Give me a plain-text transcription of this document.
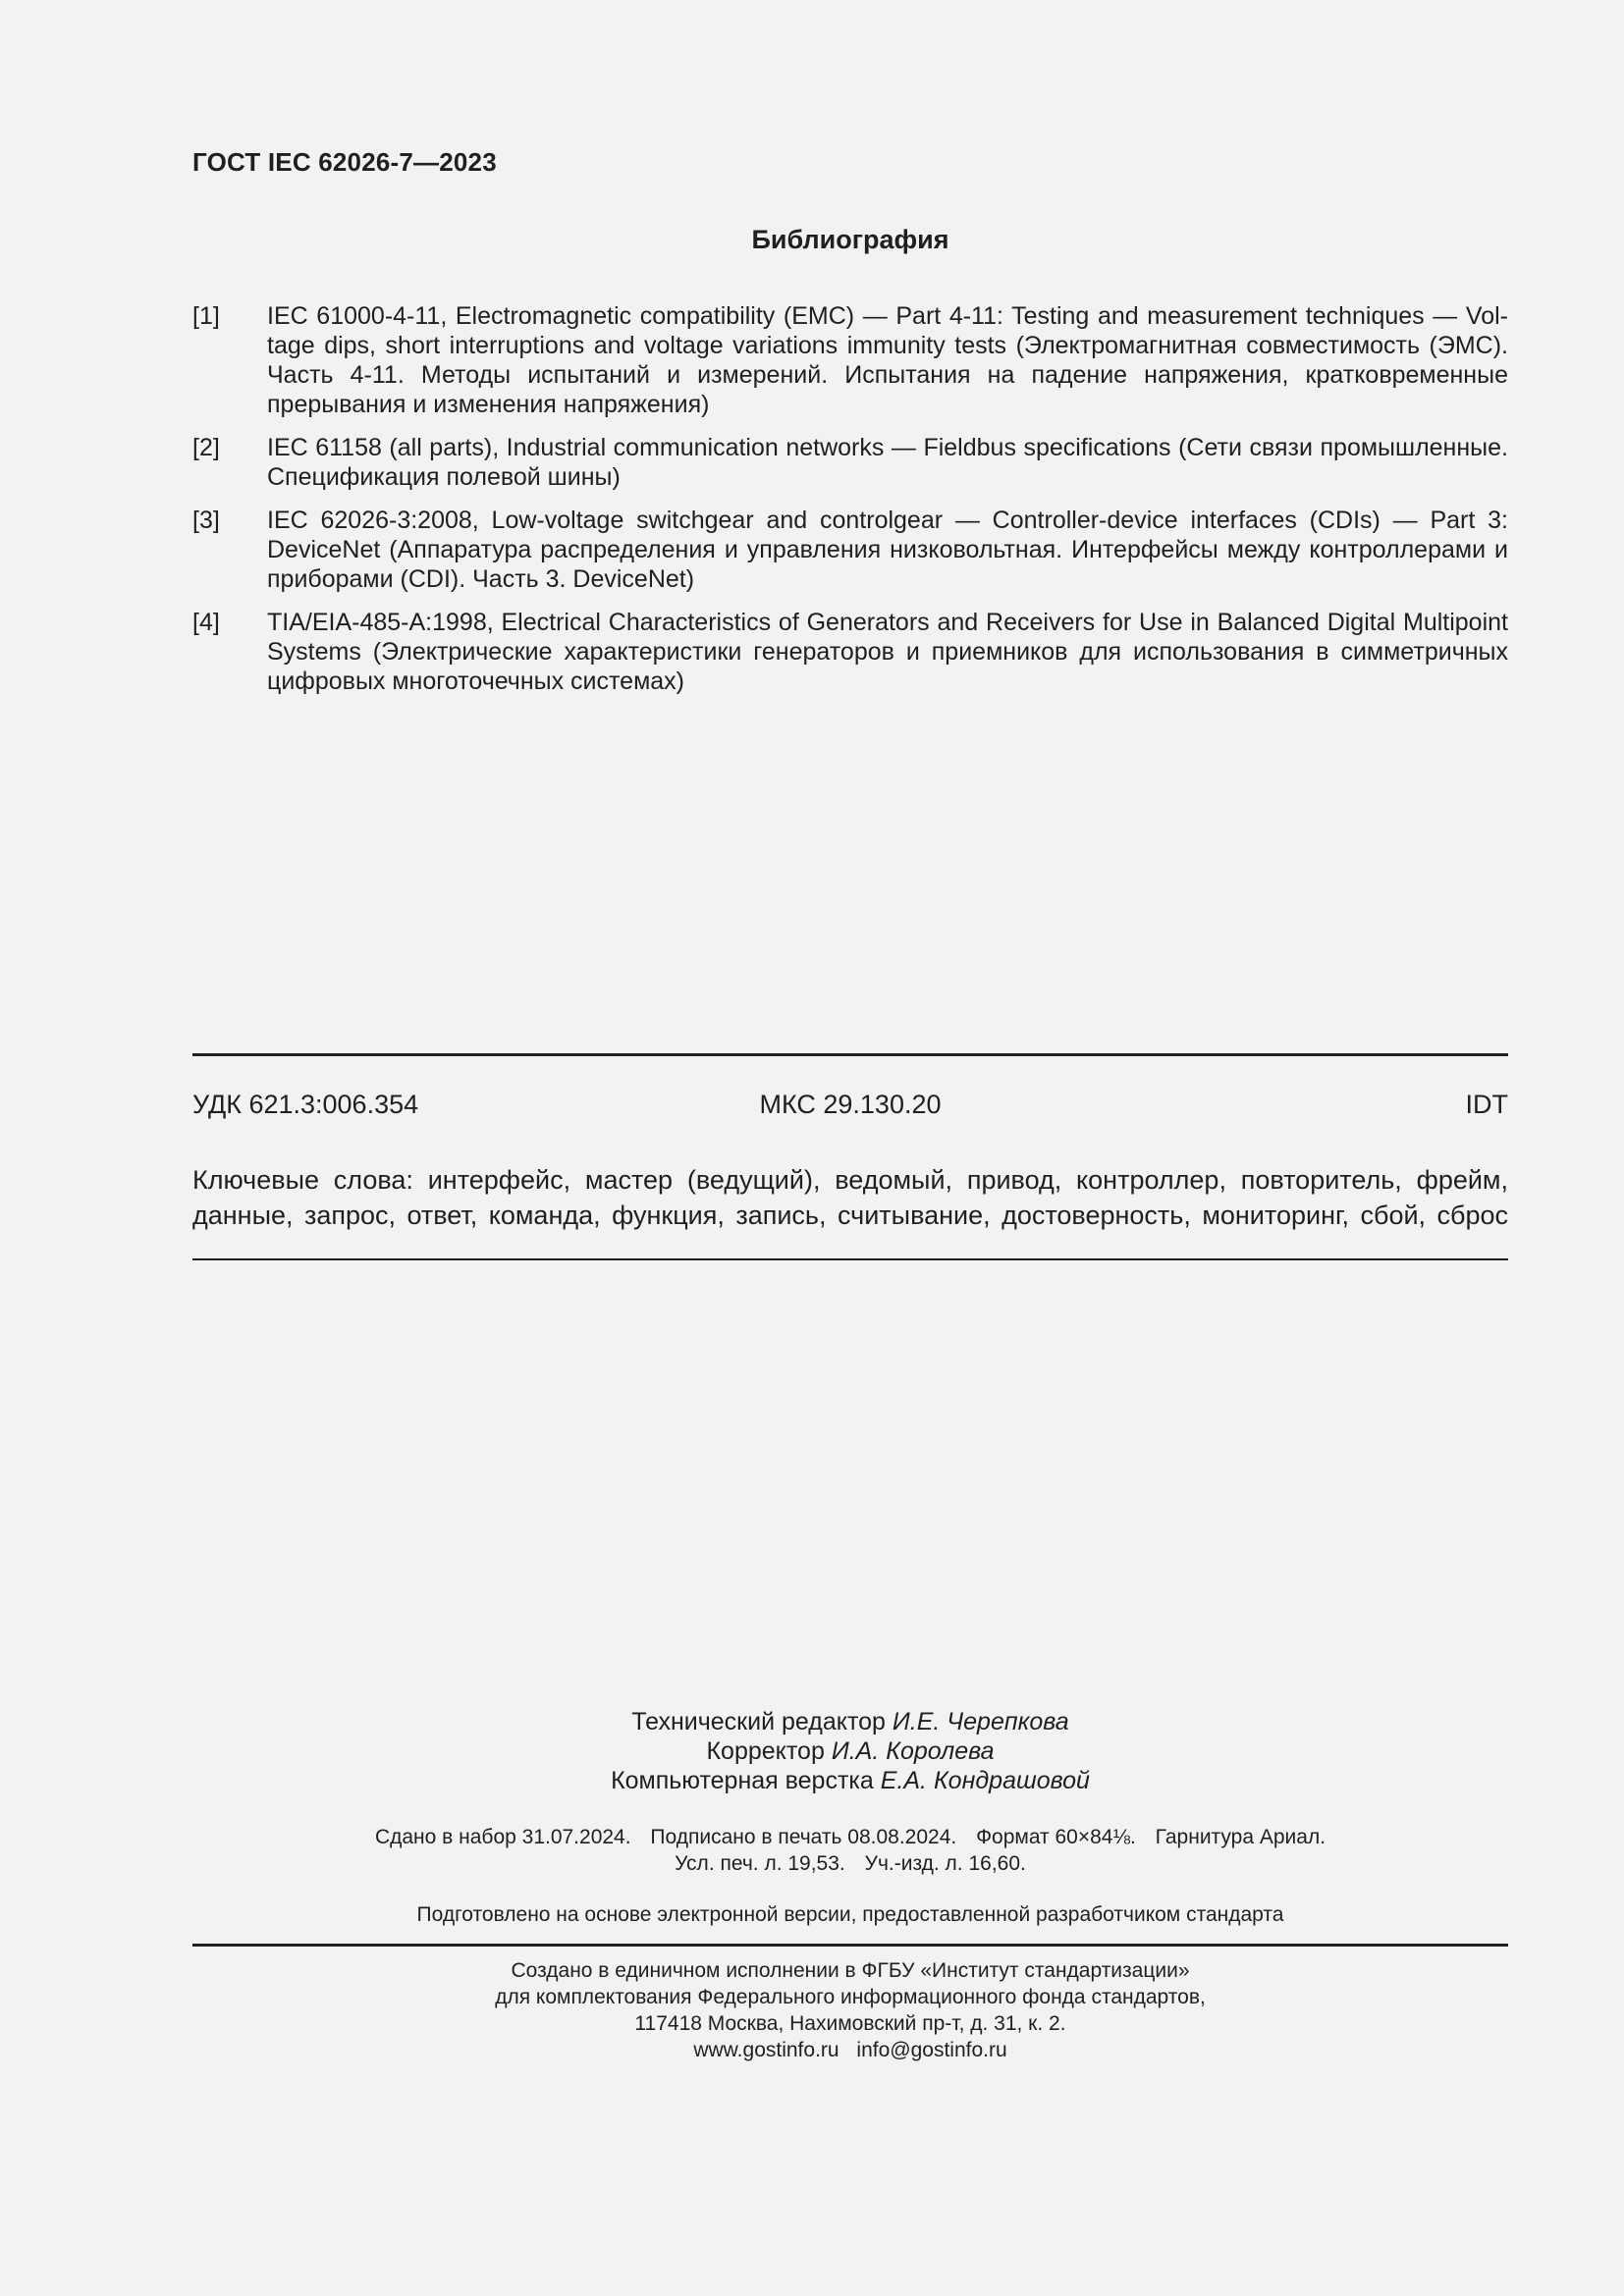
ГОСТ IEC 62026-7—2023
Библиография
[1]	IEC 61000-4-11, Electromagnetic compatibility (EMC) — Part 4-11: Testing and measurement techniques — Voltage dips, short interruptions and voltage variations immunity tests (Электромагнитная совместимость (ЭМС). Часть 4-11. Методы испытаний и измерений. Испытания на падение напряжения, кратковременные прерывания и изменения напряжения)
[2]	IEC 61158 (all parts), Industrial communication networks — Fieldbus specifications (Сети связи промышленные. Спецификация полевой шины)
[3]	IEC 62026-3:2008, Low-voltage switchgear and controlgear — Controller-device interfaces (CDIs) — Part 3: DeviceNet (Аппаратура распределения и управления низковольтная. Интерфейсы между контроллерами и приборами (CDI). Часть 3. DeviceNet)
[4]	TIA/EIA-485-A:1998, Electrical Characteristics of Generators and Receivers for Use in Balanced Digital Multipoint Systems (Электрические характеристики генераторов и приемников для использования в симметричных цифровых многоточечных системах)
УДК 621.3:006.354	МКС 29.130.20	IDT
Ключевые слова: интерфейс, мастер (ведущий), ведомый, привод, контроллер, повторитель, фрейм,
данные, запрос, ответ, команда, функция, запись, считывание, достоверность, мониторинг, сбой, сброс
Технический редактор И.Е. Черепкова
Корректор И.А. Королева
Компьютерная верстка Е.А. Кондрашовой
Сдано в набор 31.07.2024. Подписано в печать 08.08.2024. Формат 60×84⅛. Гарнитура Ариал.
Усл. печ. л. 19,53. Уч.-изд. л. 16,60.
Подготовлено на основе электронной версии, предоставленной разработчиком стандарта
Создано в единичном исполнении в ФГБУ «Институт стандартизации»
для комплектования Федерального информационного фонда стандартов,
117418 Москва, Нахимовский пр-т, д. 31, к. 2.
www.gostinfo.ru info@gostinfo.ru
